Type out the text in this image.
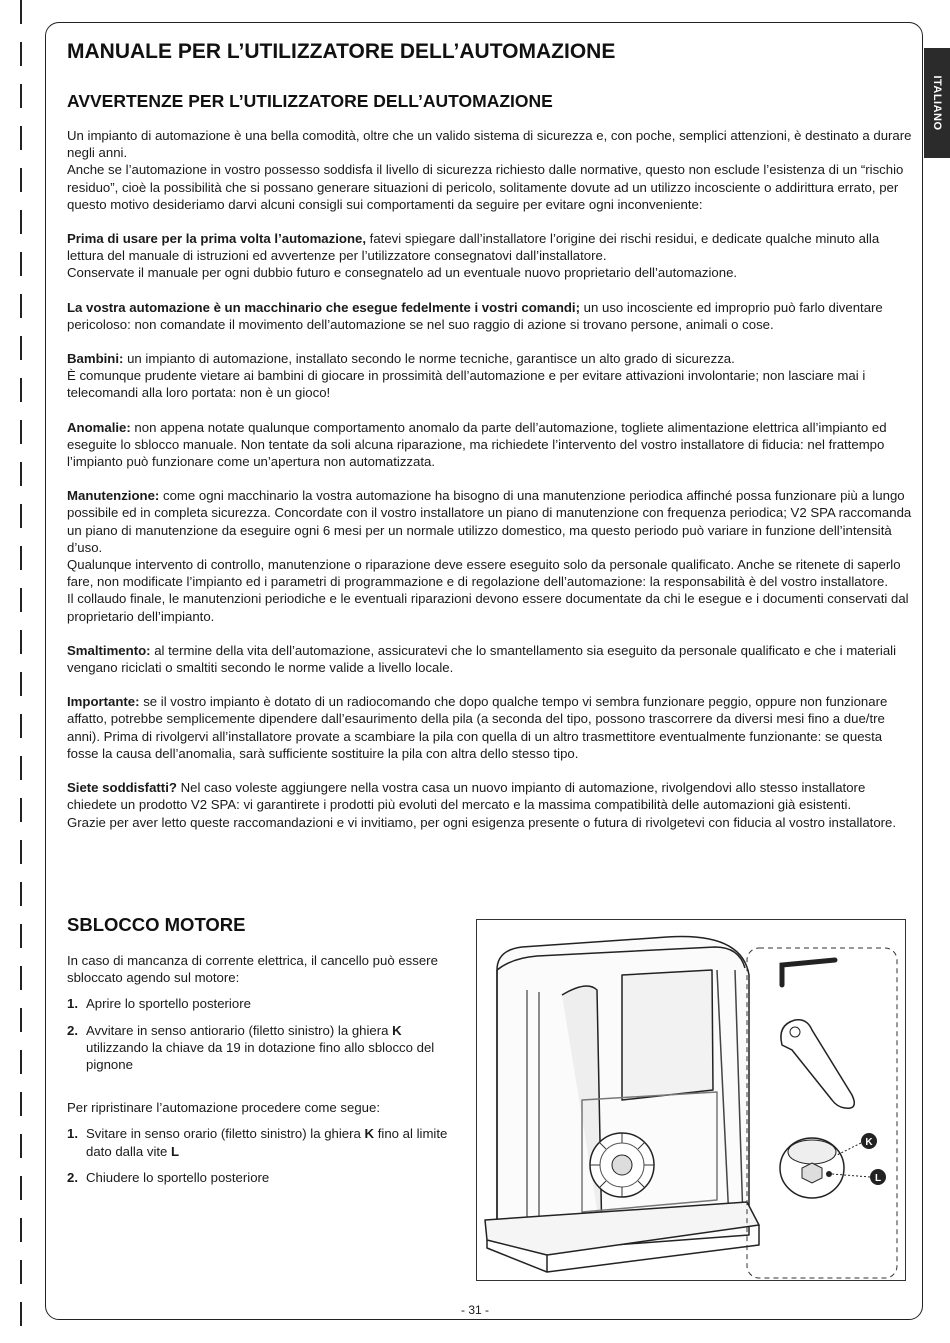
ITALIANO
MANUALE PER L’UTILIZZATORE DELL’AUTOMAZIONE
AVVERTENZE PER L’UTILIZZATORE DELL’AUTOMAZIONE

Un impianto di automazione è una bella comodità, oltre che un valido sistema di sicurezza e, con poche, semplici attenzioni, è destinato a durare negli anni.
Anche se l’automazione in vostro possesso soddisfa il livello di sicurezza richiesto dalle normative, questo non esclude l’esistenza di un “rischio residuo”, cioè la possibilità che si possano generare situazioni di pericolo, solitamente dovute ad un utilizzo incosciente o addirittura errato, per questo motivo desideriamo darvi alcuni consigli sui comportamenti da seguire per evitare ogni inconveniente:

Prima di usare per la prima volta l’automazione, fatevi spiegare dall’installatore l’origine dei rischi residui, e dedicate qualche minuto alla lettura del manuale di istruzioni ed avvertenze per l’utilizzatore consegnatovi dall’installatore.
Conservate il manuale per ogni dubbio futuro e consegnatelo ad un eventuale nuovo proprietario dell’automazione.

La vostra automazione è un macchinario che esegue fedelmente i vostri comandi; un uso incosciente ed improprio può farlo diventare pericoloso: non comandate il movimento dell’automazione se nel suo raggio di azione si trovano persone, animali o cose.

Bambini: un impianto di automazione, installato secondo le norme tecniche, garantisce un alto grado di sicurezza.
È comunque prudente vietare ai bambini di giocare in prossimità dell’automazione e per evitare attivazioni involontarie; non lasciare mai i telecomandi alla loro portata: non è un gioco!

Anomalie: non appena notate qualunque comportamento anomalo da parte dell’automazione, togliete alimentazione elettrica all’impianto ed eseguite lo sblocco manuale. Non tentate da soli alcuna riparazione, ma richiedete l’intervento del vostro installatore di fiducia: nel frattempo l’impianto può funzionare come un’apertura non automatizzata.

Manutenzione: come ogni macchinario la vostra automazione ha bisogno di una manutenzione periodica affinché possa funzionare più a lungo possibile ed in completa sicurezza. Concordate con il vostro installatore un piano di manutenzione con frequenza periodica; V2 SPA raccomanda un piano di manutenzione da eseguire ogni 6 mesi per un normale utilizzo domestico, ma questo periodo può variare in funzione dell’intensità d’uso.
Qualunque intervento di controllo, manutenzione o riparazione deve essere eseguito solo da personale qualificato. Anche se ritenete di saperlo fare, non modificate l’impianto ed i parametri di programmazione e di regolazione dell’automazione: la responsabilità è del vostro installatore.
Il collaudo finale, le manutenzioni periodiche e le eventuali riparazioni devono essere documentate da chi le esegue e i documenti conservati dal proprietario dell’impianto.

Smaltimento: al termine della vita dell’automazione, assicuratevi che lo smantellamento sia eseguito da personale qualificato e che i materiali vengano riciclati o smaltiti secondo le norme valide a livello locale.

Importante: se il vostro impianto è dotato di un radiocomando che dopo qualche tempo vi sembra funzionare peggio, oppure non funzionare affatto, potrebbe semplicemente dipendere dall’esaurimento della pila (a seconda del tipo, possono trascorrere da diversi mesi fino a due/tre anni). Prima di rivolgervi all’installatore provate a scambiare la pila con quella di un altro trasmettitore eventualmente funzionante: se questa fosse la causa dell’anomalia, sarà sufficiente sostituire la pila con altra dello stesso tipo.

Siete soddisfatti? Nel caso voleste aggiungere nella vostra casa un nuovo impianto di automazione, rivolgendovi allo stesso installatore chiedete un prodotto V2 SPA: vi garantirete i prodotti più evoluti del mercato e la massima compatibilità delle automazioni già esistenti.
Grazie per aver letto queste raccomandazioni e vi invitiamo, per ogni esigenza presente o futura di rivolgetevi con fiducia al vostro installatore.

SBLOCCO MOTORE

In caso di mancanza di corrente elettrica, il cancello può essere sbloccato agendo sul motore:

1. Aprire lo sportello posteriore
2. Avvitare in senso antiorario (filetto sinistro) la ghiera K utilizzando la chiave da 19 in dotazione fino allo sblocco del pignone

Per ripristinare l’automazione procedere come segue:

1. Svitare in senso orario (filetto sinistro) la ghiera K fino al limite dato dalla vite L
2. Chiudere lo sportello posteriore
K
L
- 31 -
